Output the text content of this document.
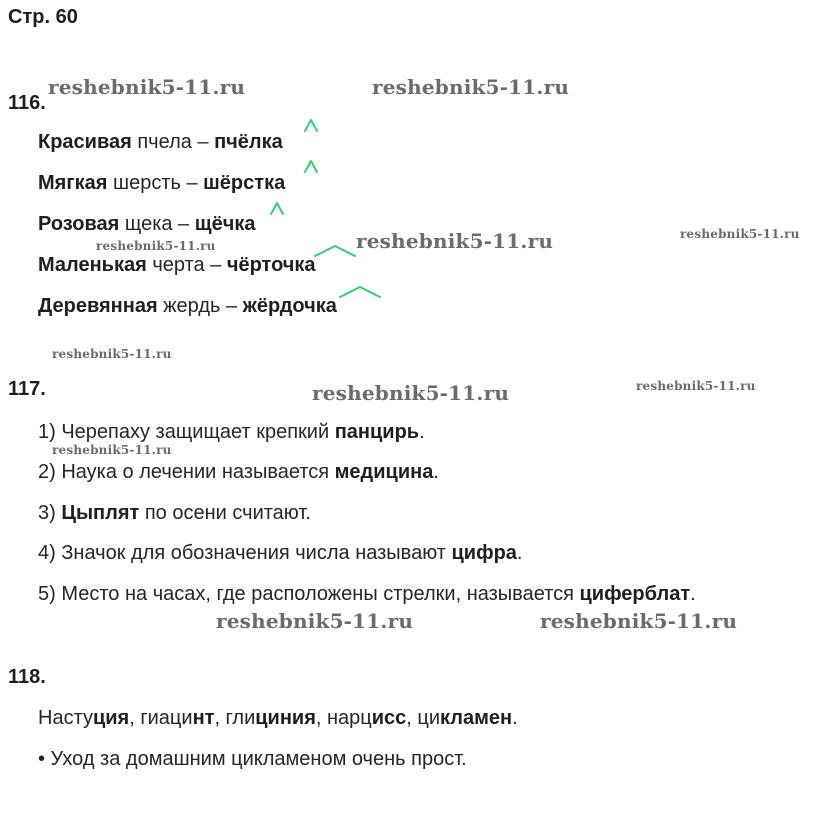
Стр. 60
reshebnik5-11.ru	reshebnik5-11.ru
reshebnik5-11.ru	reshebnik5-11.ru	reshebnik5-11.ru
reshebnik5-11.ru
reshebnik5-11.ru	reshebnik5-11.ru
reshebnik5-11.ru
reshebnik5-11.ru	reshebnik5-11.ru
116.
Красивая пчела – пчёлка
Мягкая шерсть – шёрстка
Розовая щека – щёчка
Маленькая черта – чёрточка
Деревянная жердь – жёрдочка
117.
1) Черепаху защищает крепкий панцирь.
2) Наука о лечении называется медицина.
3) Цыплят по осени считают.
4) Значок для обозначения числа называют цифра.
5) Место на часах, где расположены стрелки, называется циферблат.
118.
Настуция, гиацинт, глициния, нарцисс, цикламен.
• Уход за домашним цикламеном очень прост.
